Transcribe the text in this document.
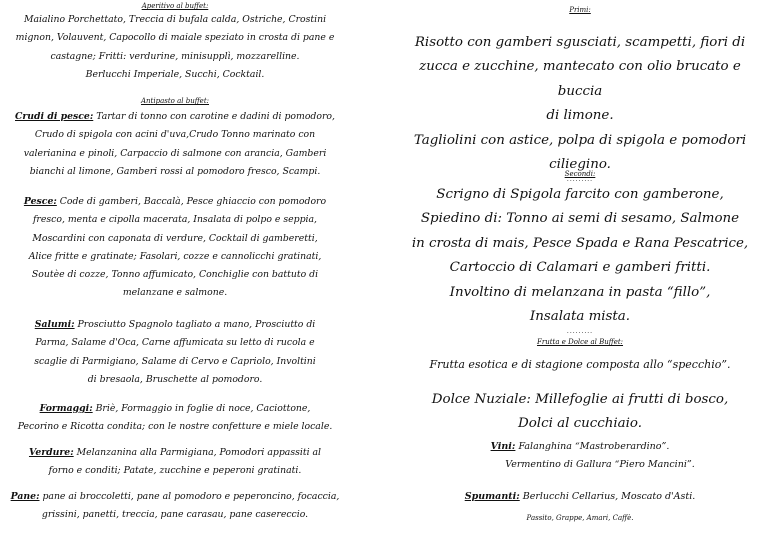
Aperitivo al buffet:

Maialino Porchettato, Treccia di bufala calda, Ostriche, Crostini

mignon, Volauvent, Capocollo di maiale speziato in crosta di pane e

castagne; Fritti: verdurine, minisupplì, mozzarelline.

Berlucchi Imperiale, Succhi, Cocktail.

Antipasto al buffet:

Crudi di pesce: Tartar di tonno con carotine e dadini di pomodoro,

Crudo di spigola con acini d'uva,Crudo Tonno marinato con

valerianina e pinoli, Carpaccio di salmone con arancia, Gamberi

bianchi al limone, Gamberi rossi al pomodoro fresco, Scampi.

Pesce: Code di gamberi, Baccalà, Pesce ghiaccio con pomodoro

fresco, menta e cipolla macerata, Insalata di polpo e seppia,

Moscardini con caponata di verdure, Cocktail di gamberetti,

Alice fritte e gratinate; Fasolari, cozze e cannolicchi gratinati,

Soutèe di cozze, Tonno affumicato, Conchiglie con battuto di

melanzane e salmone.

Salumi: Prosciutto Spagnolo tagliato a mano, Prosciutto di

Parma, Salame d'Oca, Carne affumicata su letto di rucola e

scaglie di Parmigiano, Salame di Cervo e Capriolo, Involtini

di bresaola, Bruschette al pomodoro.

Formaggi: Briè, Formaggio in foglie di noce, Caciottone,

Pecorino e Ricotta condita; con le nostre confetture e miele locale.

Verdure: Melanzanina alla Parmigiana, Pomodori appassiti al

forno e conditi; Patate, zucchine e peperoni gratinati.

Pane: pane ai broccoletti, pane al pomodoro e peperoncino, focaccia,

grissini, panetti, treccia, pane carasau, pane casereccio.

Primi:

Risotto con gamberi sgusciati, scampetti, fiori di

zucca e zucchine, mantecato con olio brucato e buccia

di limone.

Tagliolini con astice, polpa di spigola e pomodori

ciliegino.

.........
Secondi:

Scrigno di Spigola farcito con gamberone,

Spiedino di: Tonno ai semi di sesamo, Salmone

in crosta di mais, Pesce Spada e Rana Pescatrice,

Cartoccio di Calamari e gamberi fritti.

Involtino di melanzana in pasta “fillo”,

Insalata mista.

.........
Frutta e Dolce al Buffet:

Frutta esotica e di stagione composta allo “specchio”.

Dolce Nuziale: Millefoglie ai frutti di bosco,

Dolci al cucchiaio.

Vini: Falanghina “Mastroberardino”.

Vermentino di Gallura “Piero Mancini”.

Spumanti: Berlucchi Cellarius, Moscato d'Asti.

Passito, Grappe, Amari, Caffè.
